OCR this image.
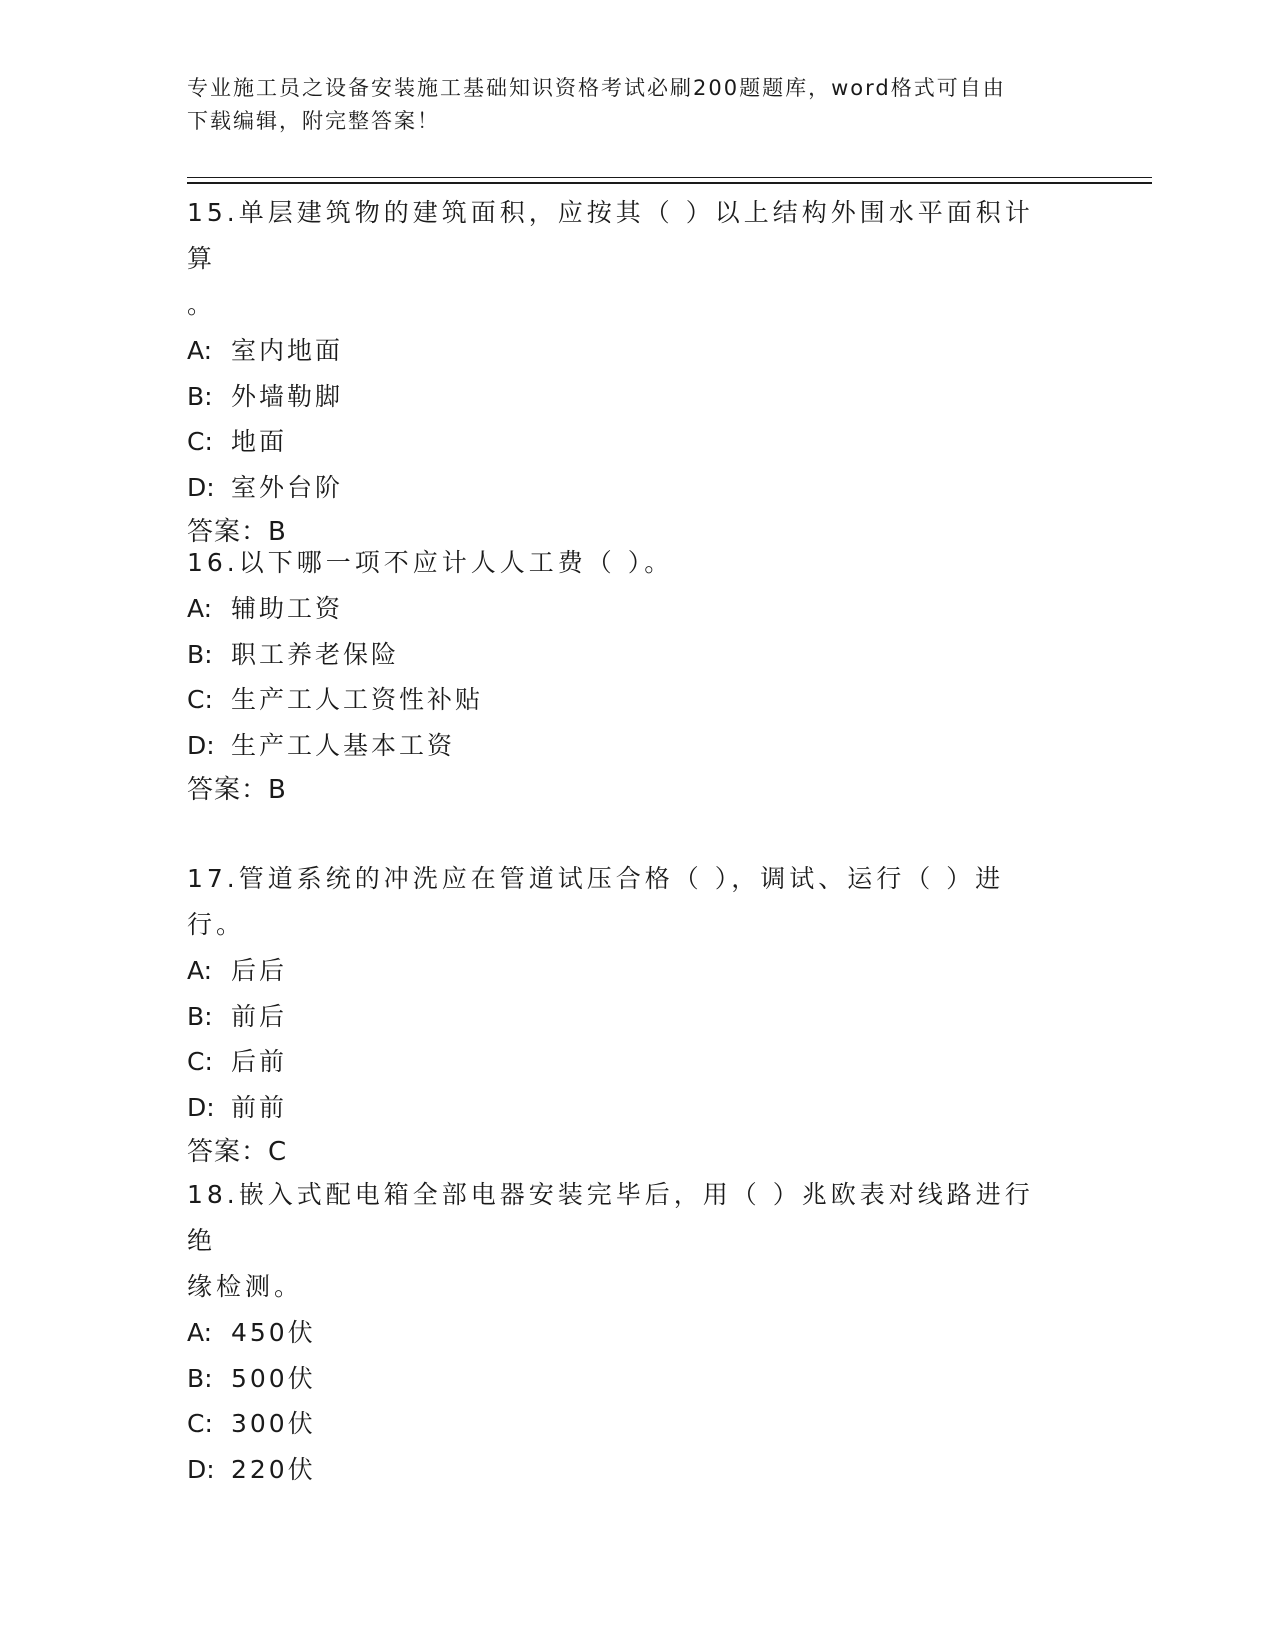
专业施工员之设备安装施工基础知识资格考试必刷200题题库，word格式可自由
下载编辑，附完整答案！

15.单层建筑物的建筑面积，应按其（ ）以上结构外围水平面积计算

。

A: 室内地面

B: 外墙勒脚

C: 地面

D: 室外台阶

答案：B

16.以下哪一项不应计人人工费（ ）。

A: 辅助工资

B: 职工养老保险

C: 生产工人工资性补贴

D: 生产工人基本工资

答案：B

17.管道系统的冲洗应在管道试压合格（ ），调试、运行（ ）进行。

A: 后后

B: 前后

C: 后前

D: 前前

答案：C

18.嵌入式配电箱全部电器安装完毕后，用（ ）兆欧表对线路进行绝

缘检测。

A: 450伏

B: 500伏

C: 300伏

D: 220伏
